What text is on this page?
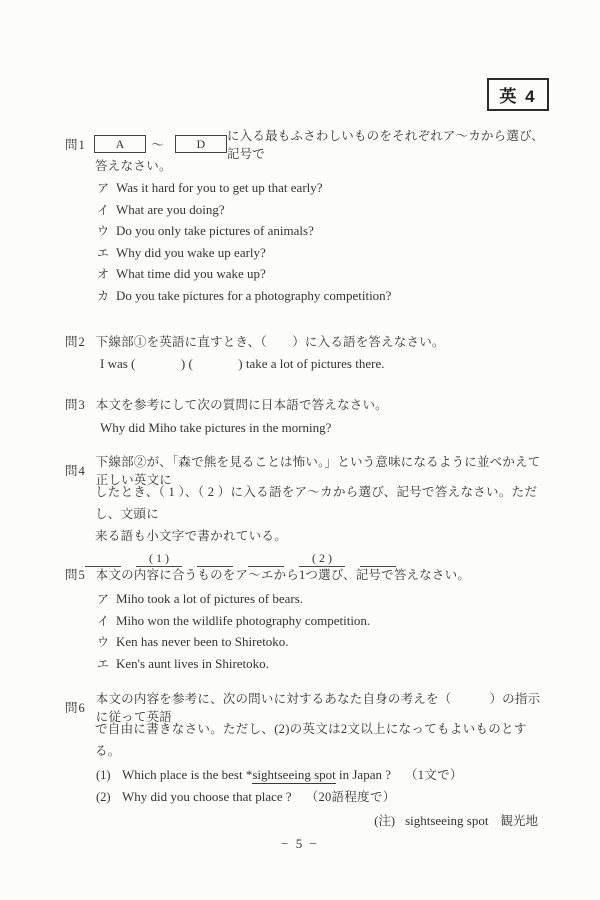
英 4
問1	A	～	D
に入る最もふさわしいものをそれぞれア～カから選び、記号で
答えなさい。
ア Was it hard for you to get up that early?
イ What are you doing?
ウ Do you only take pictures of animals?
エ Why did you wake up early?
オ What time did you wake up?
カ Do you take pictures for a photography competition?
問2 下線部①を英語に直すとき、（　　）に入る語を答えなさい。
I was (              ) (              ) take a lot of pictures there.
問3 本文を参考にして次の質問に日本語で答えなさい。
Why did Miho take pictures in the morning?
問4
下線部②が、「森で熊を見ることは怖い。」という意味になるように並べかえて正しい英文に
したとき、（ 1 ）、（ 2 ）に入る語をア～カから選び、記号で答えなさい。ただし、文頭に
来る語も小文字で書かれている。
( 1 )	( 2 )
問5 本文の内容に合うものをア～エから1つ選び、記号で答えなさい。
ア Miho took a lot of pictures of bears.
イ Miho won the wildlife photography competition.
ウ Ken has never been to Shiretoko.
エ Ken's aunt lives in Shiretoko.
問6
本文の内容を参考に、次の問いに対するあなた自身の考えを（　　　）の指示に従って英語
で自由に書きなさい。ただし、(2)の英文は2文以上になってもよいものとする。
(1) Which place is the best *sightseeing spot in Japan ? （1文で）
(2) Why did you choose that place ? （20語程度で）
(注) sightseeing spot 観光地
− 5 −
